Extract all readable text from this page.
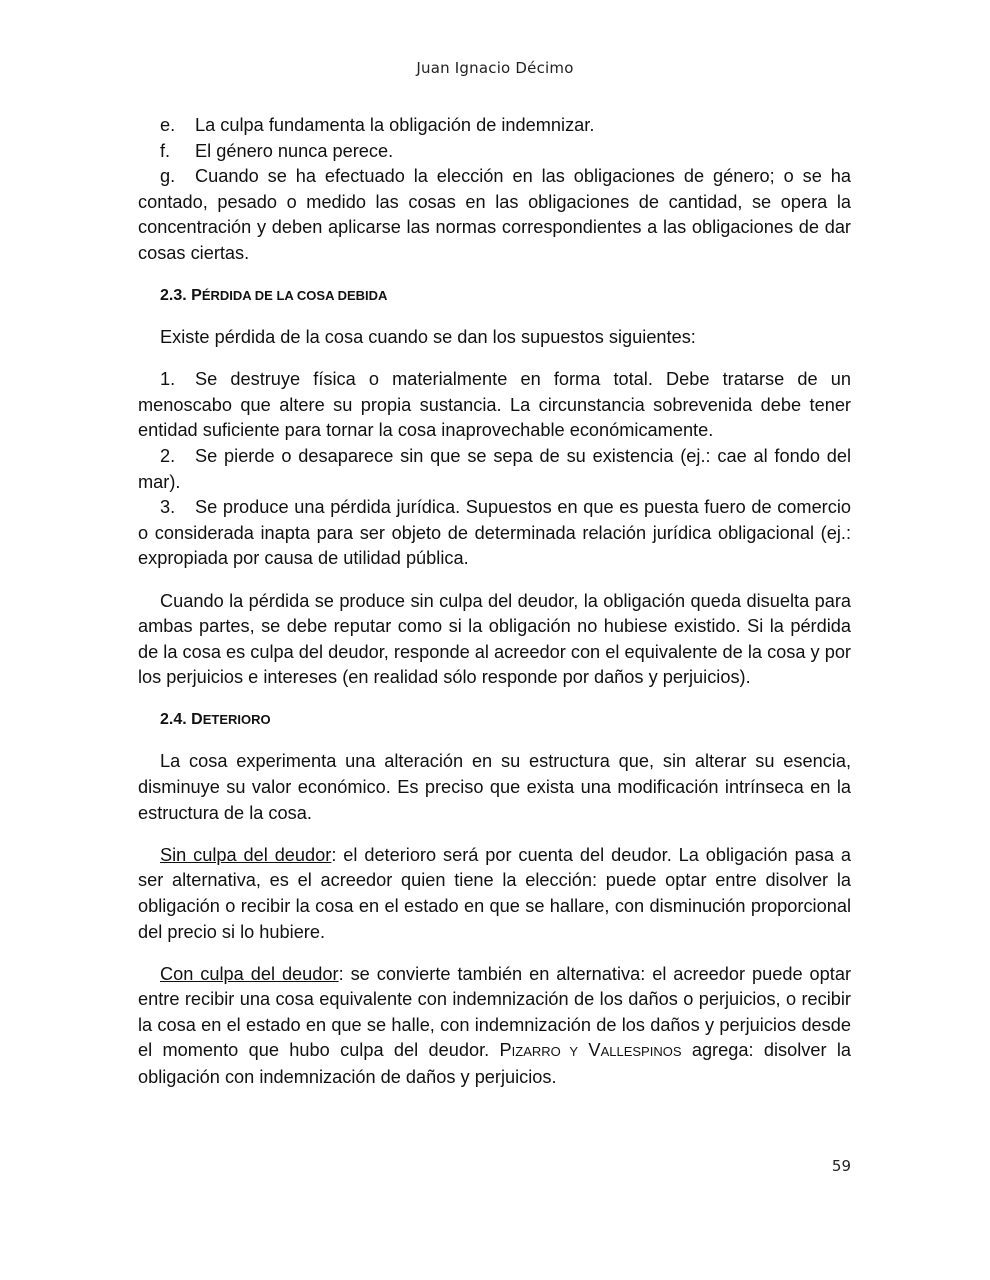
Juan Ignacio Décimo

e. La culpa fundamenta la obligación de indemnizar.

f. El género nunca perece.

g. Cuando se ha efectuado la elección en las obligaciones de género; o se ha contado, pesado o medido las cosas en las obligaciones de cantidad, se opera la concentración y deben aplicarse las normas correspondientes a las obligaciones de dar cosas ciertas.

2.3. PÉRDIDA DE LA COSA DEBIDA

Existe pérdida de la cosa cuando se dan los supuestos siguientes:

1. Se destruye física o materialmente en forma total. Debe tratarse de un menoscabo que altere su propia sustancia. La circunstancia sobrevenida debe tener entidad suficiente para tornar la cosa inaprovechable económicamente.

2. Se pierde o desaparece sin que se sepa de su existencia (ej.: cae al fondo del mar).

3. Se produce una pérdida jurídica. Supuestos en que es puesta fuero de comercio o considerada inapta para ser objeto de determinada relación jurídica obligacional (ej.: expropiada por causa de utilidad pública.

Cuando la pérdida se produce sin culpa del deudor, la obligación queda disuelta para ambas partes, se debe reputar como si la obligación no hubiese existido. Si la pérdida de la cosa es culpa del deudor, responde al acreedor con el equivalente de la cosa y por los perjuicios e intereses (en realidad sólo responde por daños y perjuicios).

2.4. DETERIORO

La cosa experimenta una alteración en su estructura que, sin alterar su esencia, disminuye su valor económico. Es preciso que exista una modificación intrínseca en la estructura de la cosa.

Sin culpa del deudor: el deterioro será por cuenta del deudor. La obligación pasa a ser alternativa, es el acreedor quien tiene la elección: puede optar entre disolver la obligación o recibir la cosa en el estado en que se hallare, con disminución proporcional del precio si lo hubiere.

Con culpa del deudor: se convierte también en alternativa: el acreedor puede optar entre recibir una cosa equivalente con indemnización de los daños o perjuicios, o recibir la cosa en el estado en que se halle, con indemnización de los daños y perjuicios desde el momento que hubo culpa del deudor. PIZARRO Y VALLESPINOS agrega: disolver la obligación con indemnización de daños y perjuicios.

59
